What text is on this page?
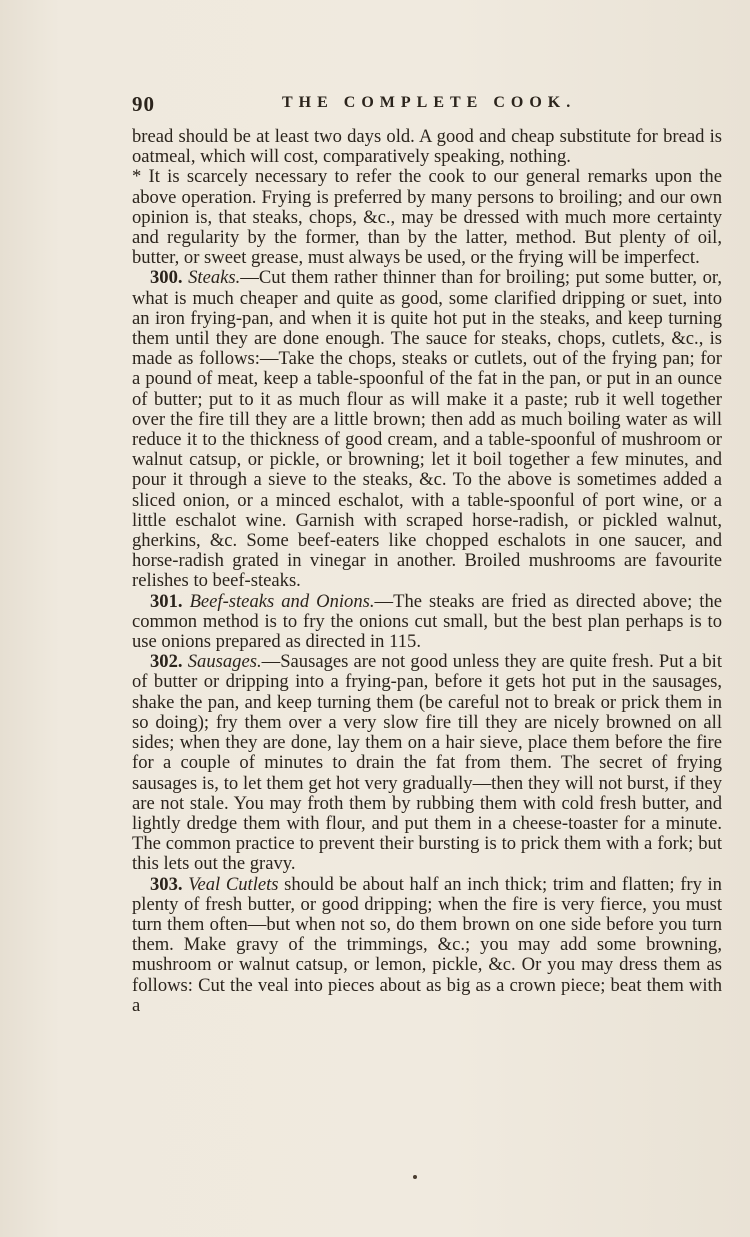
90	THE COMPLETE COOK.

bread should be at least two days old. A good and cheap substitute for bread is oatmeal, which will cost, comparatively speaking, nothing.

* It is scarcely necessary to refer the cook to our general remarks upon the above operation. Frying is preferred by many persons to broiling; and our own opinion is, that steaks, chops, &c., may be dressed with much more certainty and regularity by the former, than by the latter, method. But plenty of oil, butter, or sweet grease, must always be used, or the frying will be imperfect.

300. Steaks.—Cut them rather thinner than for broiling; put some butter, or, what is much cheaper and quite as good, some clarified dripping or suet, into an iron frying-pan, and when it is quite hot put in the steaks, and keep turning them until they are done enough. The sauce for steaks, chops, cutlets, &c., is made as follows:—Take the chops, steaks or cutlets, out of the frying pan; for a pound of meat, keep a table-spoonful of the fat in the pan, or put in an ounce of butter; put to it as much flour as will make it a paste; rub it well together over the fire till they are a little brown; then add as much boiling water as will reduce it to the thickness of good cream, and a table-spoonful of mushroom or walnut catsup, or pickle, or browning; let it boil together a few minutes, and pour it through a sieve to the steaks, &c. To the above is sometimes added a sliced onion, or a minced eschalot, with a table-spoonful of port wine, or a little eschalot wine. Garnish with scraped horse-radish, or pickled walnut, gherkins, &c. Some beef-eaters like chopped eschalots in one saucer, and horse-radish grated in vinegar in another. Broiled mushrooms are favourite relishes to beef-steaks.

301. Beef-steaks and Onions.—The steaks are fried as directed above; the common method is to fry the onions cut small, but the best plan perhaps is to use onions prepared as directed in 115.

302. Sausages.—Sausages are not good unless they are quite fresh. Put a bit of butter or dripping into a frying-pan, before it gets hot put in the sausages, shake the pan, and keep turning them (be careful not to break or prick them in so doing); fry them over a very slow fire till they are nicely browned on all sides; when they are done, lay them on a hair sieve, place them before the fire for a couple of minutes to drain the fat from them. The secret of frying sausages is, to let them get hot very gradually—then they will not burst, if they are not stale. You may froth them by rubbing them with cold fresh butter, and lightly dredge them with flour, and put them in a cheese-toaster for a minute. The common practice to prevent their bursting is to prick them with a fork; but this lets out the gravy.

303. Veal Cutlets should be about half an inch thick; trim and flatten; fry in plenty of fresh butter, or good dripping; when the fire is very fierce, you must turn them often—but when not so, do them brown on one side before you turn them. Make gravy of the trimmings, &c.; you may add some browning, mushroom or walnut catsup, or lemon, pickle, &c. Or you may dress them as follows: Cut the veal into pieces about as big as a crown piece; beat them with a
